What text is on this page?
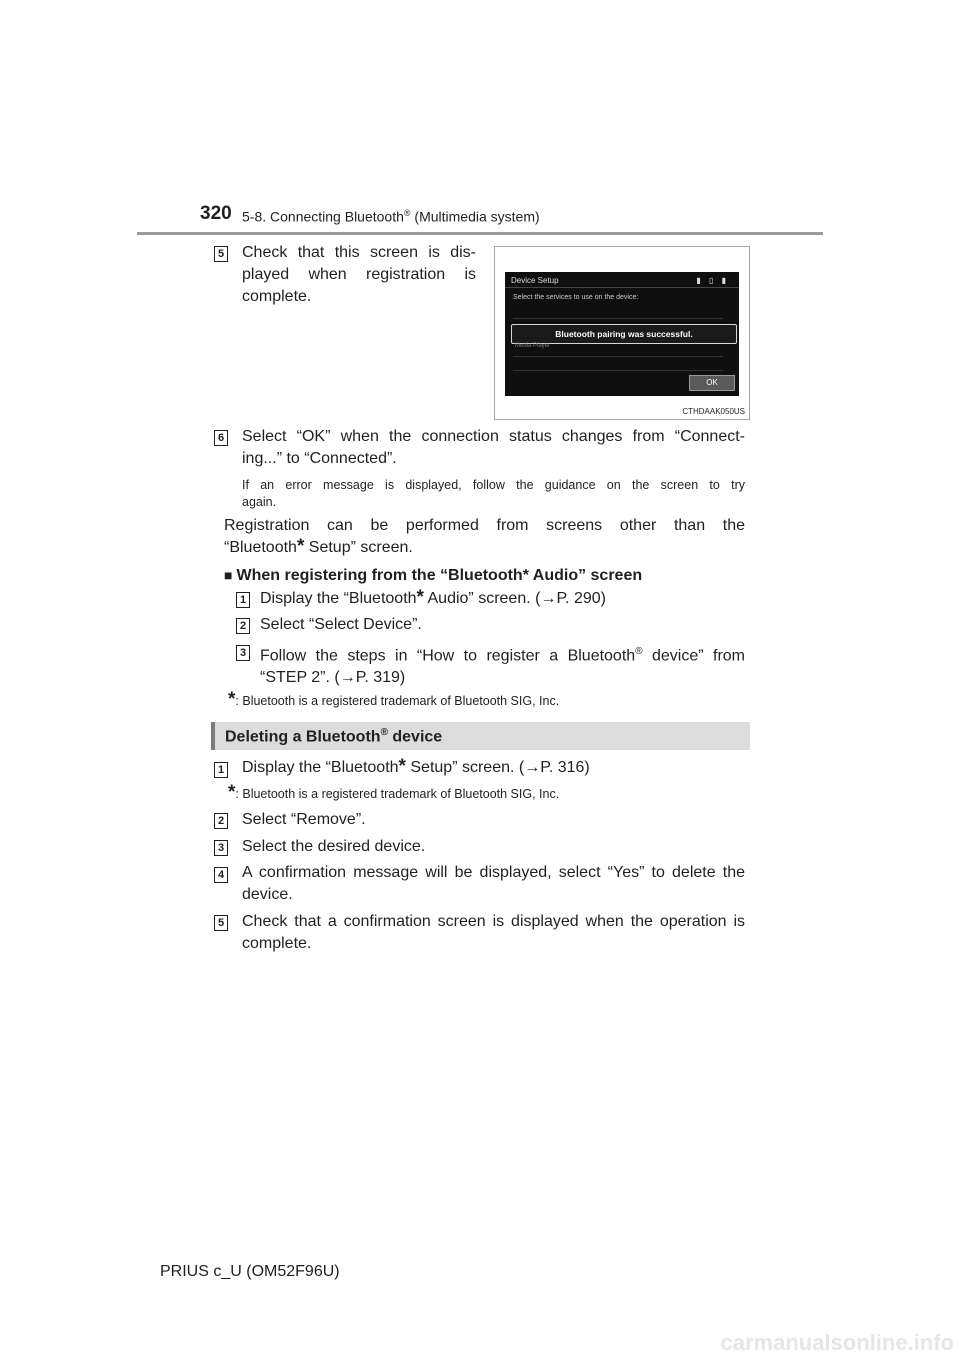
320 5-8. Connecting Bluetooth® (Multimedia system)
5 Check that this screen is dis-
played when registration is
complete.
Device Setup	▮ ▯ ▮
Select the services to use on the device:
Bluetooth pairing was successful.
Media Player
OK
CTHDAAK050US
6 Select “OK” when the connection status changes from “Connect-
ing...” to “Connected”.
If an error message is displayed, follow the guidance on the screen to try
again.
Registration can be performed from screens other than the
“Bluetooth* Setup” screen.
■ When registering from the “Bluetooth* Audio” screen
1 Display the “Bluetooth* Audio” screen. (→P. 290)
2 Select “Select Device”.
3 Follow the steps in “How to register a Bluetooth® device” from
“STEP 2”. (→P. 319)
*: Bluetooth is a registered trademark of Bluetooth SIG, Inc.
Deleting a Bluetooth® device
1 Display the “Bluetooth* Setup” screen. (→P. 316)
*: Bluetooth is a registered trademark of Bluetooth SIG, Inc.
2 Select “Remove”.
3 Select the desired device.
4 A confirmation message will be displayed, select “Yes” to delete the
device.
5 Check that a confirmation screen is displayed when the operation is
complete.
PRIUS c_U (OM52F96U)
carmanualsonline.info
